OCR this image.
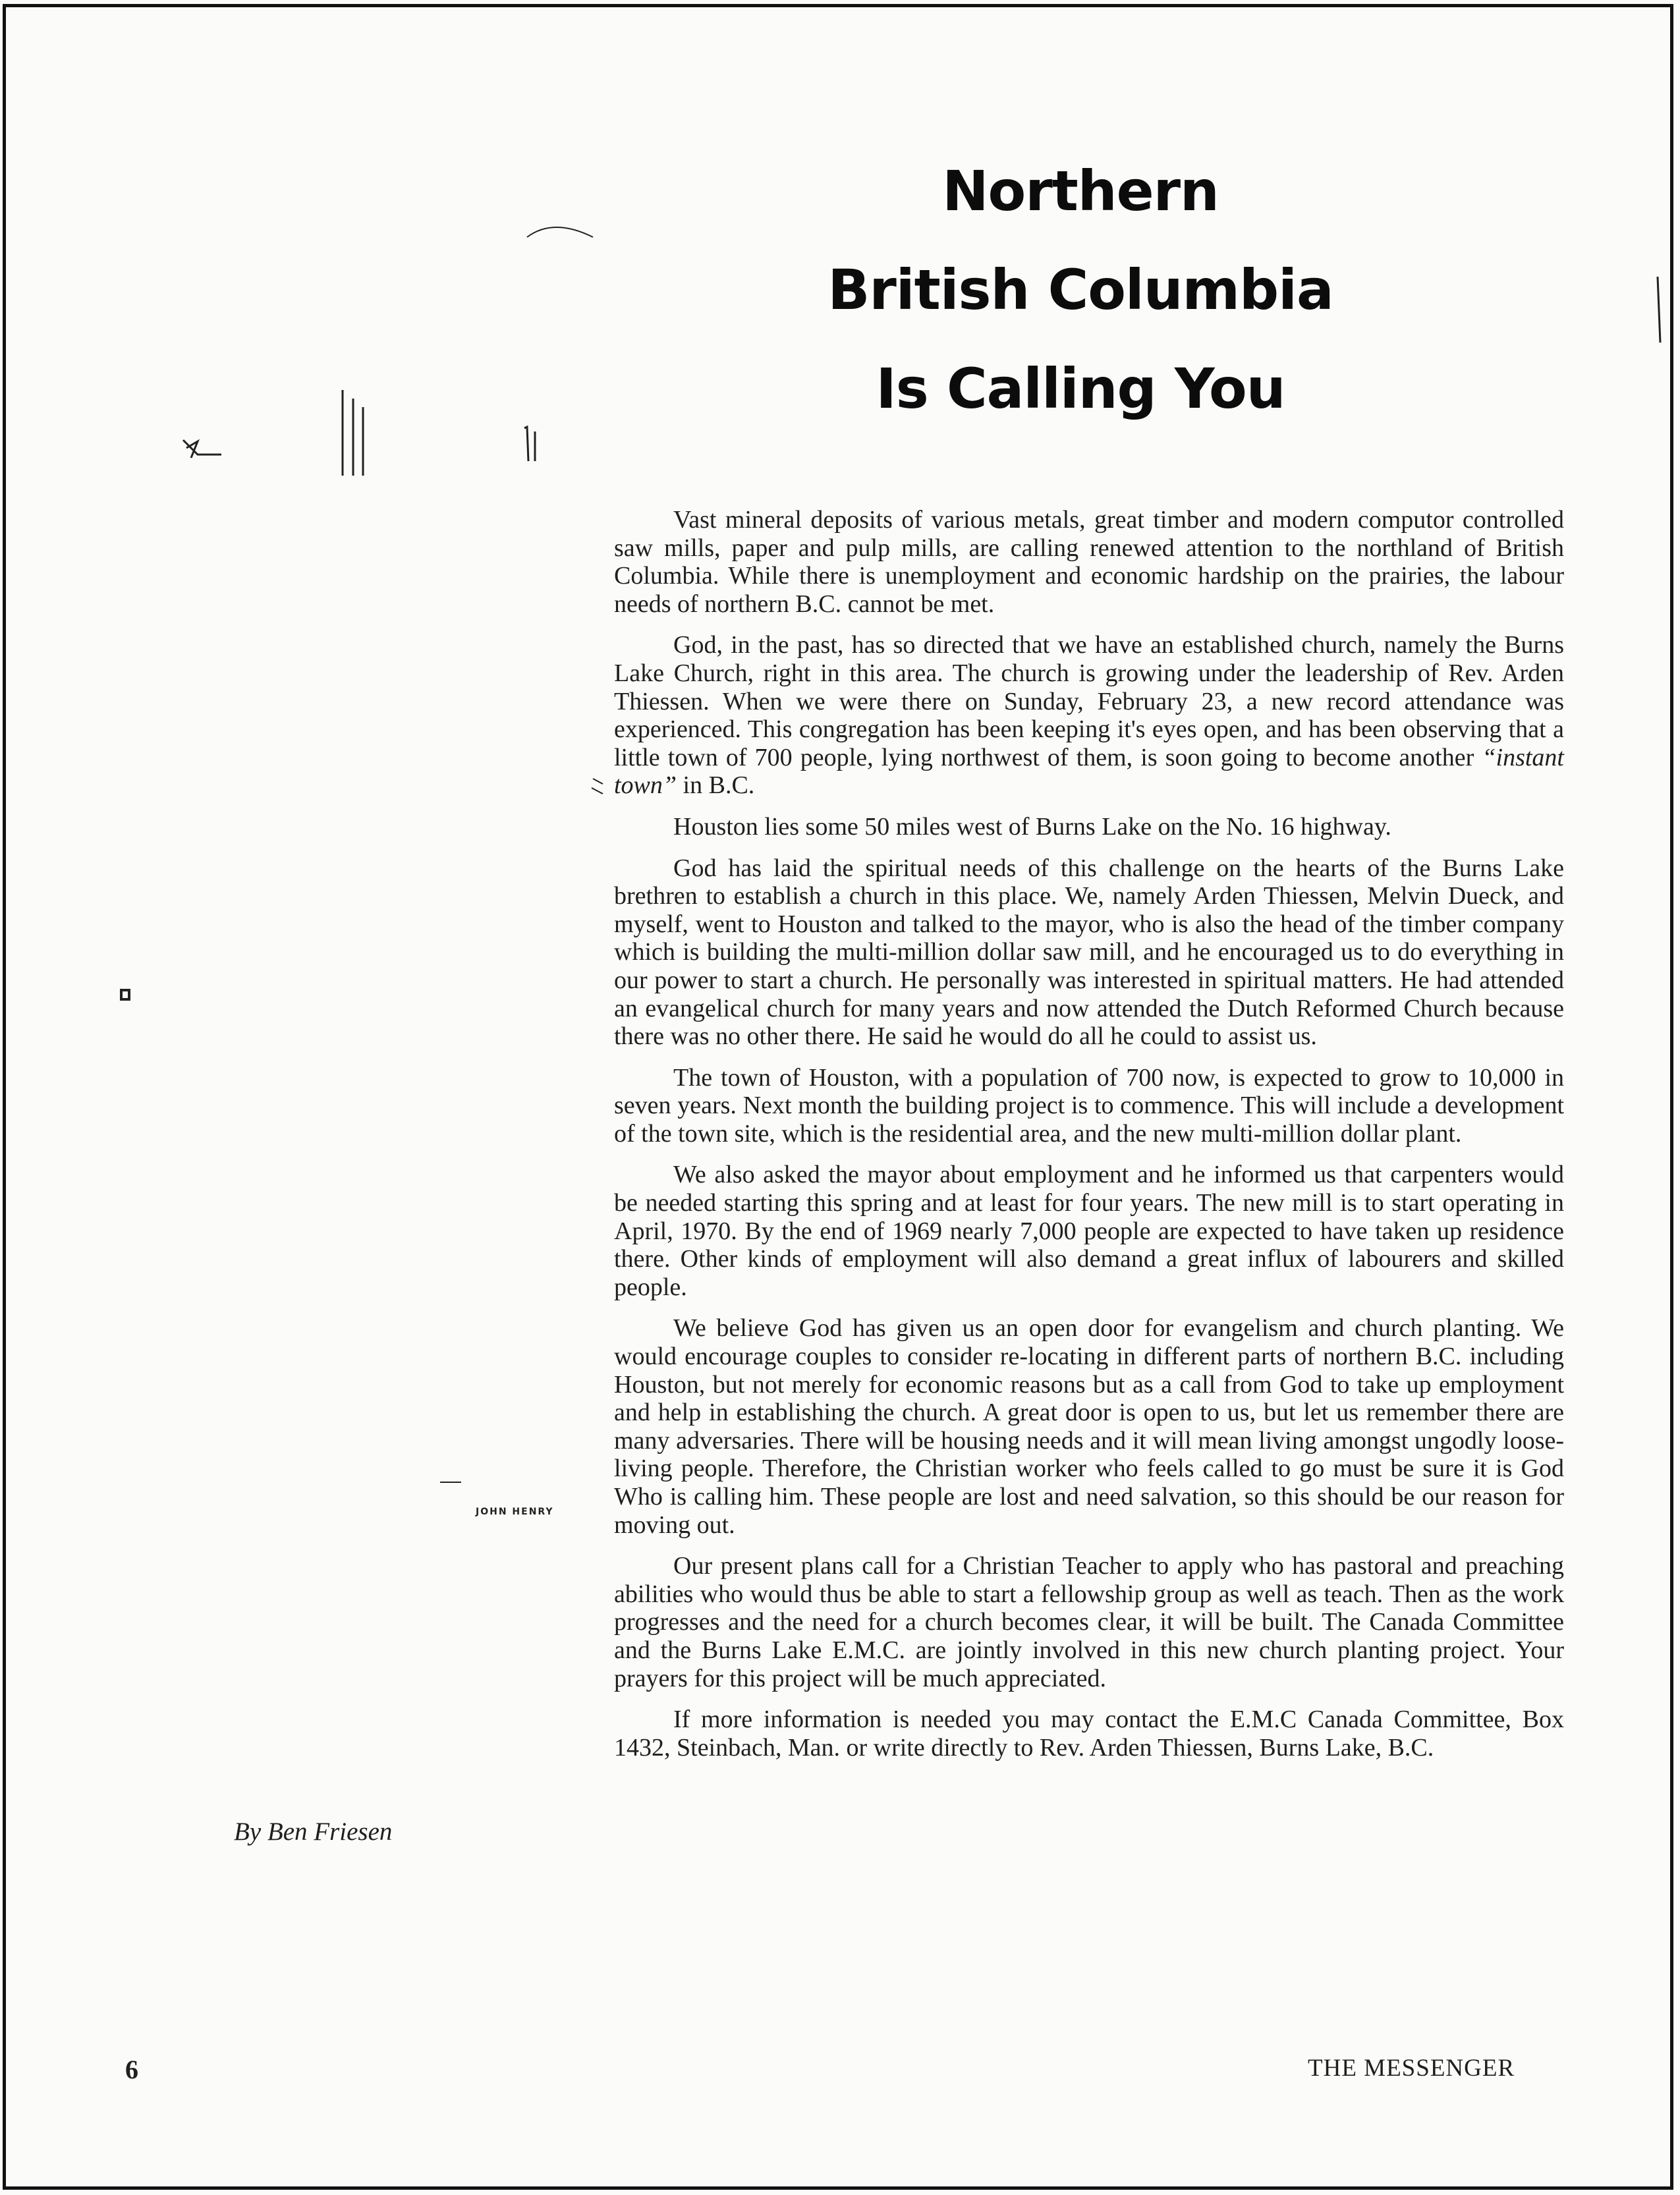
Northern
British Columbia
Is Calling You

Vast mineral deposits of various metals, great timber and modern computor controlled saw mills, paper and pulp mills, are calling renewed attention to the northland of British Columbia. While there is unemployment and economic hardship on the prairies, the labour needs of northern B.C. cannot be met.

God, in the past, has so directed that we have an established church, namely the Burns Lake Church, right in this area. The church is growing under the leadership of Rev. Arden Thiessen. When we were there on Sunday, February 23, a new record attendance was experienced. This congregation has been keeping it's eyes open, and has been observing that a little town of 700 people, lying northwest of them, is soon going to become another “instant town” in B.C.

Houston lies some 50 miles west of Burns Lake on the No. 16 highway.

God has laid the spiritual needs of this challenge on the hearts of the Burns Lake brethren to establish a church in this place. We, namely Arden Thiessen, Melvin Dueck, and myself, went to Houston and talked to the mayor, who is also the head of the timber company which is building the multi-million dollar saw mill, and he encouraged us to do everything in our power to start a church. He personally was interested in spiritual matters. He had attended an evangelical church for many years and now attended the Dutch Reformed Church because there was no other there. He said he would do all he could to assist us.

The town of Houston, with a population of 700 now, is expected to grow to 10,000 in seven years. Next month the building project is to commence. This will include a development of the town site, which is the residential area, and the new multi-million dollar plant.

We also asked the mayor about employment and he informed us that carpenters would be needed starting this spring and at least for four years. The new mill is to start operating in April, 1970. By the end of 1969 nearly 7,000 people are expected to have taken up residence there. Other kinds of employment will also demand a great influx of labourers and skilled people.

We believe God has given us an open door for evangelism and church planting. We would encourage couples to consider re-locating in different parts of northern B.C. including Houston, but not merely for economic reasons but as a call from God to take up employment and help in establishing the church. A great door is open to us, but let us remember there are many adversaries. There will be housing needs and it will mean living amongst ungodly loose-living people. Therefore, the Christian worker who feels called to go must be sure it is God Who is calling him. These people are lost and need salvation, so this should be our reason for moving out.

Our present plans call for a Christian Teacher to apply who has pastoral and preaching abilities who would thus be able to start a fellowship group as well as teach. Then as the work progresses and the need for a church becomes clear, it will be built. The Canada Committee and the Burns Lake E.M.C. are jointly involved in this new church planting project. Your prayers for this project will be much appreciated.

If more information is needed you may contact the E.M.C Canada Committee, Box 1432, Steinbach, Man. or write directly to Rev. Arden Thiessen, Burns Lake, B.C.

JOHN HENRY
By Ben Friesen
6	THE MESSENGER
